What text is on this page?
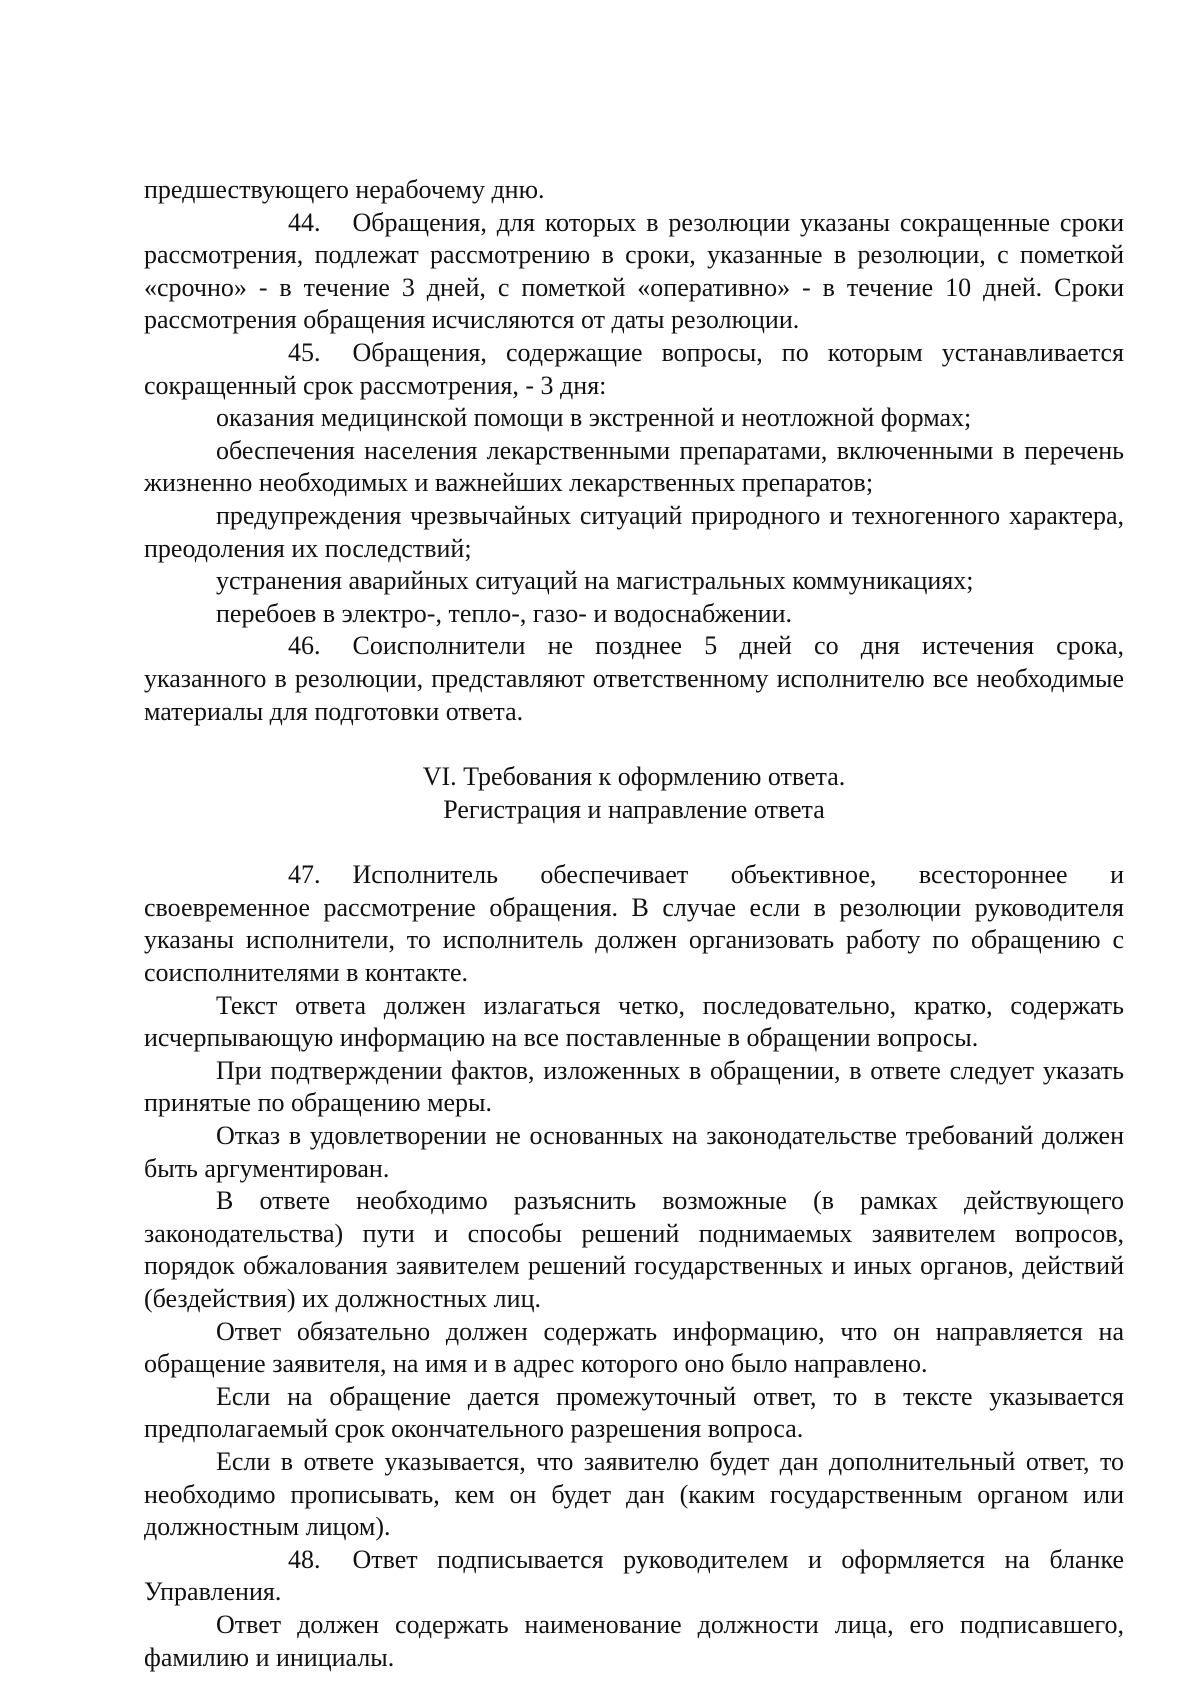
предшествующего нерабочему дню.

44. Обращения, для которых в резолюции указаны сокращенные сроки рассмотрения, подлежат рассмотрению в сроки, указанные в резолюции, с пометкой «срочно» - в течение 3 дней, с пометкой «оперативно» - в течение 10 дней. Сроки рассмотрения обращения исчисляются от даты резолюции.

45. Обращения, содержащие вопросы, по которым устанавливается сокращенный срок рассмотрения, - 3 дня:

оказания медицинской помощи в экстренной и неотложной формах;

обеспечения населения лекарственными препаратами, включенными в перечень жизненно необходимых и важнейших лекарственных препаратов;

предупреждения чрезвычайных ситуаций природного и техногенного характера, преодоления их последствий;

устранения аварийных ситуаций на магистральных коммуникациях;

перебоев в электро-, тепло-, газо- и водоснабжении.

46. Соисполнители не позднее 5 дней со дня истечения срока, указанного в резолюции, представляют ответственному исполнителю все необходимые материалы для подготовки ответа.

VI. Требования к оформлению ответа.
Регистрация и направление ответа

47. Исполнитель обеспечивает объективное, всестороннее и своевременное рассмотрение обращения. В случае если в резолюции руководителя указаны исполнители, то исполнитель должен организовать работу по обращению с соисполнителями в контакте.

Текст ответа должен излагаться четко, последовательно, кратко, содержать исчерпывающую информацию на все поставленные в обращении вопросы.

При подтверждении фактов, изложенных в обращении, в ответе следует указать принятые по обращению меры.

Отказ в удовлетворении не основанных на законодательстве требований должен быть аргументирован.

В ответе необходимо разъяснить возможные (в рамках действующего законодательства) пути и способы решений поднимаемых заявителем вопросов, порядок обжалования заявителем решений государственных и иных органов, действий (бездействия) их должностных лиц.

Ответ обязательно должен содержать информацию, что он направляется на обращение заявителя, на имя и в адрес которого оно было направлено.

Если на обращение дается промежуточный ответ, то в тексте указывается предполагаемый срок окончательного разрешения вопроса.

Если в ответе указывается, что заявителю будет дан дополнительный ответ, то необходимо прописывать, кем он будет дан (каким государственным органом или должностным лицом).

48. Ответ подписывается руководителем и оформляется на бланке Управления.

Ответ должен содержать наименование должности лица, его подписавшего, фамилию и инициалы.
